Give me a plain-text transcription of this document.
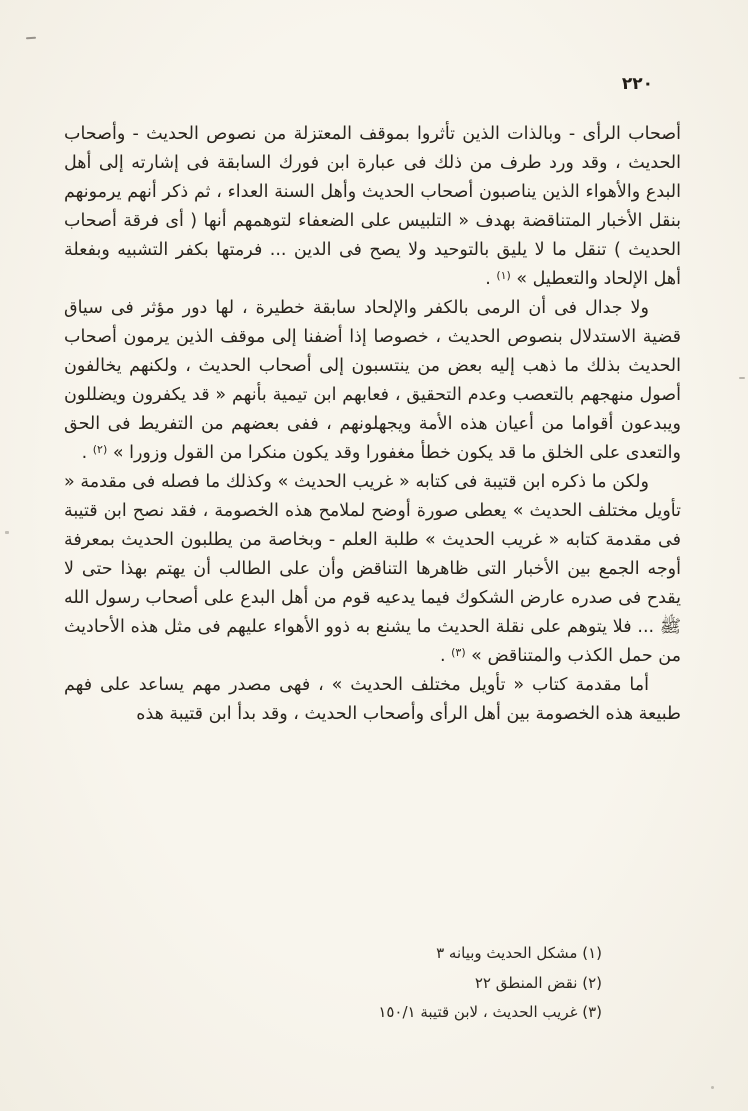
٢٢٠

أصحاب الرأى - وبالذات الذين تأثروا بموقف المعتزلة من نصوص الحديث - وأصحاب الحديث ، وقد ورد طرف من ذلك فى عبارة ابن فورك السابقة فى إشارته إلى أهل البدع والأهواء الذين يناصبون أصحاب الحديث وأهل السنة العداء ، ثم ذكر أنهم يرمونهم بنقل الأخبار المتناقضة بهدف « التلبيس على الضعفاء لتوهمهم أنها ( أى فرقة أصحاب الحديث ) تنقل ما لا يليق بالتوحيد ولا يصح فى الدين ... فرمتها بكفر التشبيه وبفعلة أهل الإلحاد والتعطيل » $^{(١)}$ .

ولا جدال فى أن الرمى بالكفر والإلحاد سابقة خطيرة ، لها دور مؤثر فى سياق قضية الاستدلال بنصوص الحديث ، خصوصا إذا أضفنا إلى موقف الذين يرمون أصحاب الحديث بذلك ما ذهب إليه بعض من ينتسبون إلى أصحاب الحديث ، ولكنهم يخالفون أصول منهجهم بالتعصب وعدم التحقيق ، فعابهم ابن تيمية بأنهم « قد يكفرون ويضللون ويبدعون أقواما من أعيان هذه الأمة ويجهلونهم ، ففى بعضهم من التفريط فى الحق والتعدى على الخلق ما قد يكون خطأ مغفورا وقد يكون منكرا من القول وزورا » $^{(٢)}$ .

ولكن ما ذكره ابن قتيبة فى كتابه « غريب الحديث » وكذلك ما فصله فى مقدمة « تأويل مختلف الحديث » يعطى صورة أوضح لملامح هذه الخصومة ، فقد نصح ابن قتيبة فى مقدمة كتابه « غريب الحديث » طلبة العلم - وبخاصة من يطلبون الحديث بمعرفة أوجه الجمع بين الأخبار التى ظاهرها التناقض وأن على الطالب أن يهتم بهذا حتى لا يقدح فى صدره عارض الشكوك فيما يدعيه قوم من أهل البدع على أصحاب رسول الله ﷺ ... فلا يتوهم على نقلة الحديث ما يشنع به ذوو الأهواء عليهم فى مثل هذه الأحاديث من حمل الكذب والمتناقض » $^{(٣)}$ .

أما مقدمة كتاب « تأويل مختلف الحديث » ، فهى مصدر مهم يساعد على فهم طبيعة هذه الخصومة بين أهل الرأى وأصحاب الحديث ، وقد بدأ ابن قتيبة هذه

(١) مشكل الحديث وبيانه ٣
(٢) نقض المنطق ٢٢
(٣) غريب الحديث ، لابن قتيبة ١٥٠/١
